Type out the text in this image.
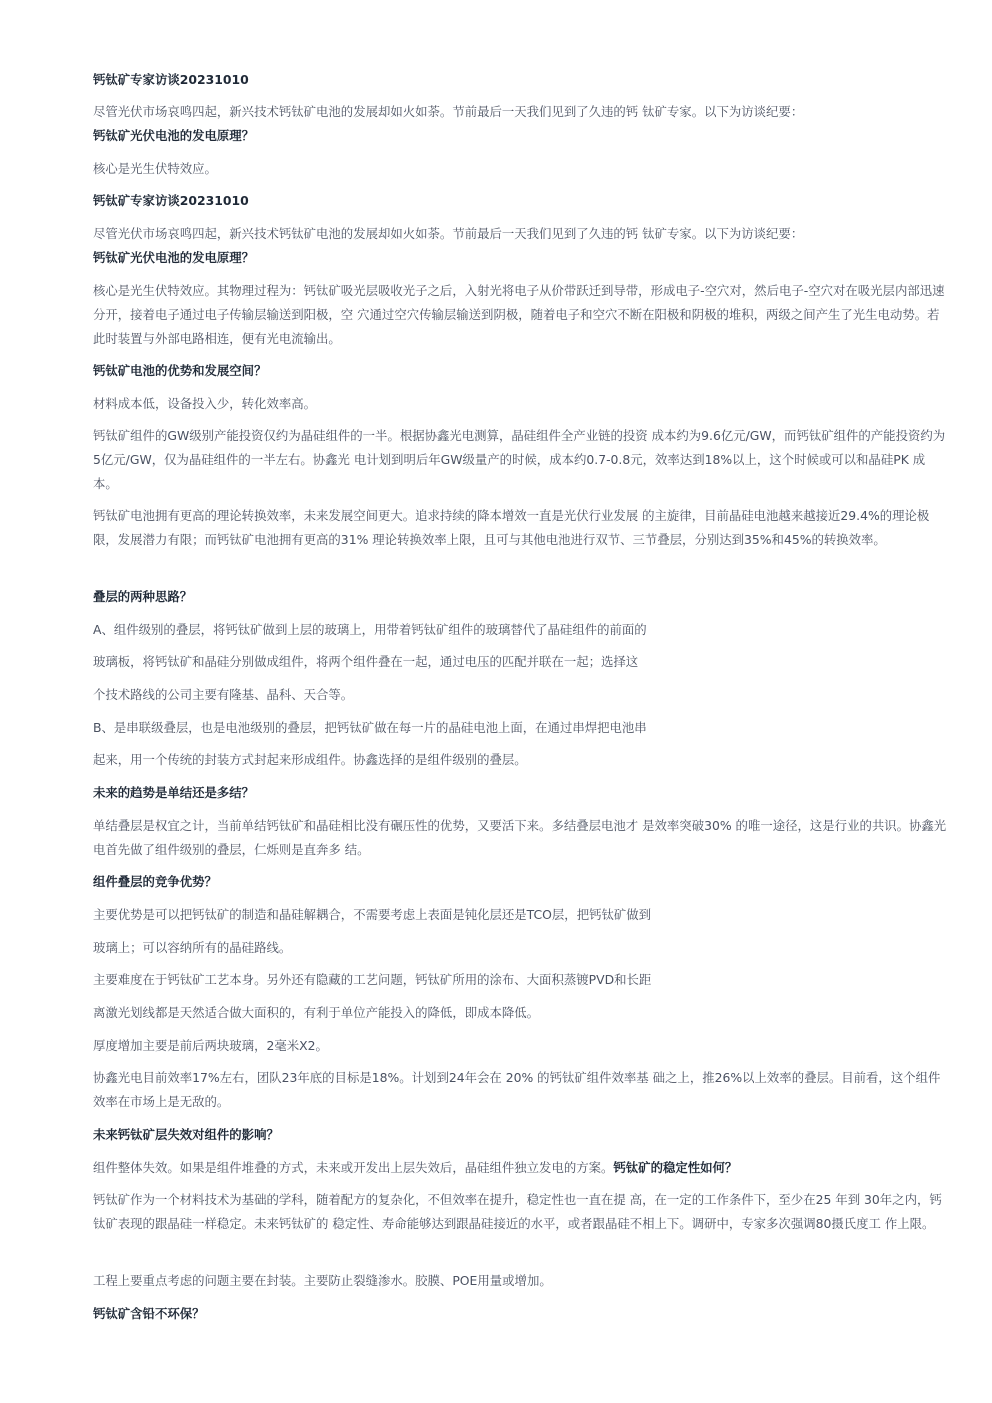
钙钛矿专家访谈20231010

尽管光伏市场哀鸣四起，新兴技术钙钛矿电池的发展却如火如荼。节前最后一天我们见到了久违的钙 钛矿专家。以下为访谈纪要：

钙钛矿光伏电池的发电原理？

核心是光生伏特效应。

钙钛矿专家访谈20231010

尽管光伏市场哀鸣四起，新兴技术钙钛矿电池的发展却如火如荼。节前最后一天我们见到了久违的钙 钛矿专家。以下为访谈纪要：

钙钛矿光伏电池的发电原理？

核心是光生伏特效应。其物理过程为：钙钛矿吸光层吸收光子之后，入射光将电子从价带跃迁到导带，形成电子-空穴对，然后电子-空穴对在吸光层内部迅速分开，接着电子通过电子传输层输送到阳极，空 穴通过空穴传输层输送到阴极，随着电子和空穴不断在阳极和阴极的堆积，两级之间产生了光生电动势。若此时装置与外部电路相连，便有光电流输出。

钙钛矿电池的优势和发展空间？

材料成本低，设备投入少，转化效率高。

钙钛矿组件的GW级别产能投资仅约为晶硅组件的一半。根据协鑫光电测算，晶硅组件全产业链的投资 成本约为9.6亿元/GW，而钙钛矿组件的产能投资约为5亿元/GW，仅为晶硅组件的一半左右。协鑫光 电计划到明后年GW级量产的时候，成本约0.7-0.8元，效率达到18%以上，这个时候或可以和晶硅PK 成本。

钙钛矿电池拥有更高的理论转换效率，未来发展空间更大。追求持续的降本增效一直是光伏行业发展 的主旋律，目前晶硅电池越来越接近29.4%的理论极限，发展潜力有限；而钙钛矿电池拥有更高的31% 理论转换效率上限，且可与其他电池进行双节、三节叠层，分别达到35%和45%的转换效率。

叠层的两种思路？

A、组件级别的叠层，将钙钛矿做到上层的玻璃上，用带着钙钛矿组件的玻璃替代了晶硅组件的前面的

玻璃板，将钙钛矿和晶硅分别做成组件，将两个组件叠在一起，通过电压的匹配并联在一起；选择这

个技术路线的公司主要有隆基、晶科、天合等。

B、是串联级叠层，也是电池级别的叠层，把钙钛矿做在每一片的晶硅电池上面，在通过串焊把电池串

起来，用一个传统的封装方式封起来形成组件。协鑫选择的是组件级别的叠层。

未来的趋势是单结还是多结？

单结叠层是权宜之计，当前单结钙钛矿和晶硅相比没有碾压性的优势，又要活下来。多结叠层电池才 是效率突破30% 的唯一途径，这是行业的共识。协鑫光电首先做了组件级别的叠层，仁烁则是直奔多 结。

组件叠层的竞争优势？

主要优势是可以把钙钛矿的制造和晶硅解耦合，不需要考虑上表面是钝化层还是TCO层，把钙钛矿做到

玻璃上；可以容纳所有的晶硅路线。

主要难度在于钙钛矿工艺本身。另外还有隐藏的工艺问题，钙钛矿所用的涂布、大面积蒸镀PVD和长距

离激光划线都是天然适合做大面积的，有利于单位产能投入的降低，即成本降低。

厚度增加主要是前后两块玻璃，2毫米X2。

协鑫光电目前效率17%左右，团队23年底的目标是18%。计划到24年会在 20% 的钙钛矿组件效率基 础之上，推26%以上效率的叠层。目前看，这个组件效率在市场上是无敌的。

未来钙钛矿层失效对组件的影响？

组件整体失效。如果是组件堆叠的方式，未来或开发出上层失效后，晶硅组件独立发电的方案。钙钛矿的稳定性如何？

钙钛矿作为一个材料技术为基础的学科，随着配方的复杂化，不但效率在提升，稳定性也一直在提 高，在一定的工作条件下，至少在25 年到 30年之内，钙钛矿表现的跟晶硅一样稳定。未来钙钛矿的 稳定性、寿命能够达到跟晶硅接近的水平，或者跟晶硅不相上下。调研中，专家多次强调80摄氏度工 作上限。

工程上要重点考虑的问题主要在封装。主要防止裂缝渗水。胶膜、POE用量或增加。

钙钛矿含铅不环保？
